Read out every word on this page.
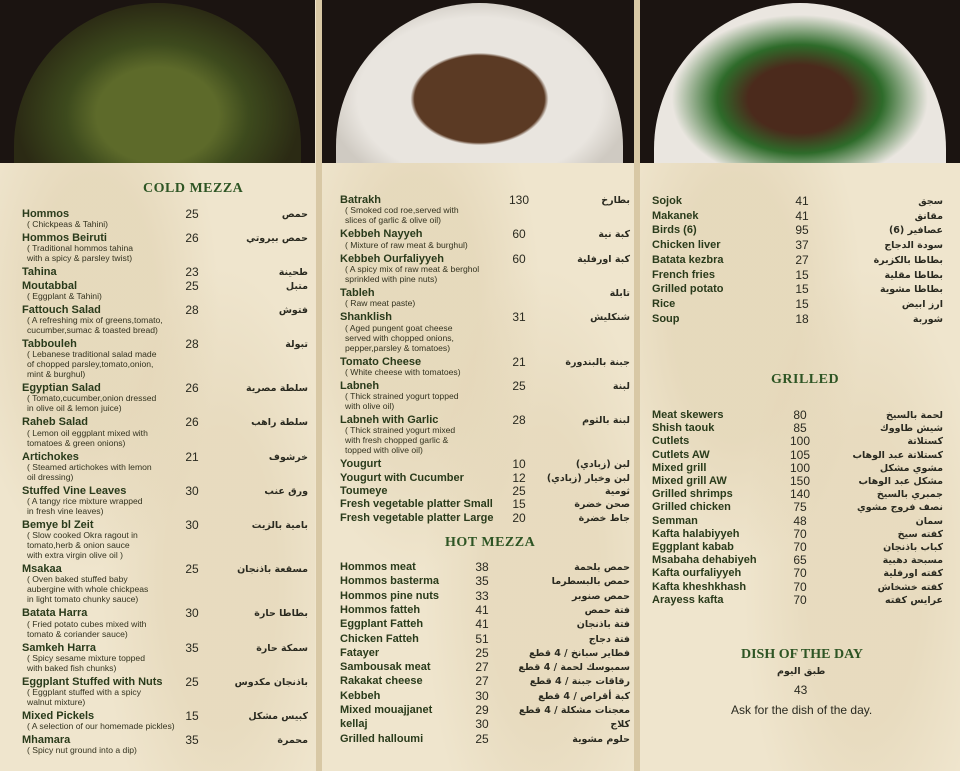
COLD MEZZA
Hommos	25	حمص
( Chickpeas & Tahini)
Hommos Beiruti	26	حمص بيروتي
( Traditional hommos tahina
with a spicy & parsley twist)
Tahina	23	طحينة
Moutabbal	25	متبل
( Eggplant & Tahini)
Fattouch Salad	28	فتوش
( A refreshing mix of greens,tomato,
cucumber,sumac & toasted bread)
Tabbouleh	28	تبولة
( Lebanese traditional salad made
of chopped parsley,tomato,onion,
mint & burghul)
Egyptian Salad	26	سلطة مصرية
( Tomato,cucumber,onion dressed
in olive oil & lemon juice)
Raheb Salad	26	سلطة راهب
( Lemon oil eggplant mixed with
tomatoes & green onions)
Artichokes	21	خرشوف
( Steamed artichokes with lemon
oil dressing)
Stuffed Vine Leaves	30	ورق عنب
( A tangy rice mixture wrapped
in fresh vine leaves)
Bemye bl Zeit	30	بامية بالزيت
( Slow cooked Okra ragout in
tomato,herb & onion sauce
with extra virgin olive oil )
Msakaa	25	مسقعة باذنجان
( Oven baked stuffed baby
aubergine with whole chickpeas
in light tomato chunky sauce)
Batata Harra	30	بطاطا حارة
( Fried potato cubes mixed with
tomato & coriander sauce)
Samkeh Harra	35	سمكة حارة
( Spicy sesame mixture topped
with baked fish chunks)
Eggplant Stuffed with Nuts	25	باذنجان مكدوس
( Eggplant stuffed with a spicy
walnut mixture)
Mixed Pickels	15	كبيس مشكل
( A selection of our homemade pickles)
Mhamara	35	محمرة
( Spicy nut ground into a dip)
Batrakh	130	بطارخ
( Smoked cod roe,served with
slices of garlic & olive oil)
Kebbeh Nayyeh	60	كبة نية
( Mixture of raw meat & burghul)
Kebbeh Ourfaliyyeh	60	كبة اورفلية
( A spicy mix of raw meat & berghol
sprinkled with pine nuts)
Tableh	تابلة
( Raw meat paste)
Shanklish	31	شنكليش
( Aged pungent goat cheese
served with chopped onions,
pepper,parsley & tomatoes)
Tomato Cheese	21	جبنة بالبندورة
( White cheese with tomatoes)
Labneh	25	لبنة
( Thick strained yogurt topped
with olive oil)
Labneh with Garlic	28	لبنة بالثوم
( Thick strained yogurt mixed
with fresh chopped garlic &
topped with olive oil)
Yougurt	10	لبن (زبادي)
Yougurt with Cucumber	12	لبن وخيار (زبادي)
Toumeye	25	ثومية
Fresh vegetable platter Small	15	صحن خضرة
Fresh vegetable platter Large	20	جاط خضرة
HOT MEZZA
Hommos meat	38	حمص بلحمة
Hommos basterma	35	حمص بالبسطرما
Hommos pine nuts	33	حمص صنوبر
Hommos fatteh	41	فتة حمص
Eggplant Fatteh	41	فتة باذنجان
Chicken Fatteh	51	فتة دجاج
Fatayer	25	فطاير سبانخ / 4 قطع
Sambousak meat	27	سمبوسك لحمة / 4 قطع
Rakakat cheese	27	رقاقات جبنة / 4 قطع
Kebbeh	30	كبة أقراص / 4 قطع
Mixed mouajjanet	29	معجنات مشكلة / 4 قطع
kellaj	30	كلاج
Grilled halloumi	25	حلوم مشوية
Sojok	41	سجق
Makanek	41	مقانق
Birds (6)	95	عصافير (6)
Chicken liver	37	سودة الدجاج
Batata kezbra	27	بطاطا بالكزبرة
French fries	15	بطاطا مقلية
Grilled potato	15	بطاطا مشوية
Rice	15	ارز ابيض
Soup	18	شوربة
GRILLED
Meat skewers	80	لحمة بالسيخ
Shish taouk	85	شيش طاووك
Cutlets	100	كستلاتة
Cutlets AW	105	كستلاتة عبد الوهاب
Mixed grill	100	مشوي مشكل
Mixed grill AW	150	مشكل عبد الوهاب
Grilled shrimps	140	جمبري بالسيخ
Grilled chicken	75	نصف فروج مشوي
Semman	48	سمان
Kafta halabiyyeh	70	كفته سيخ
Eggplant kabab	70	كباب باذنجان
Msabaha dehabiyeh	65	مسبحة دهبية
Kafta ourfaliyyeh	70	كفته اورفلية
Kafta kheshkhash	70	كفته خشخاش
Arayess kafta	70	عرايس كفته
DISH OF THE DAY
طبق اليوم
43
Ask for the dish of the day.
